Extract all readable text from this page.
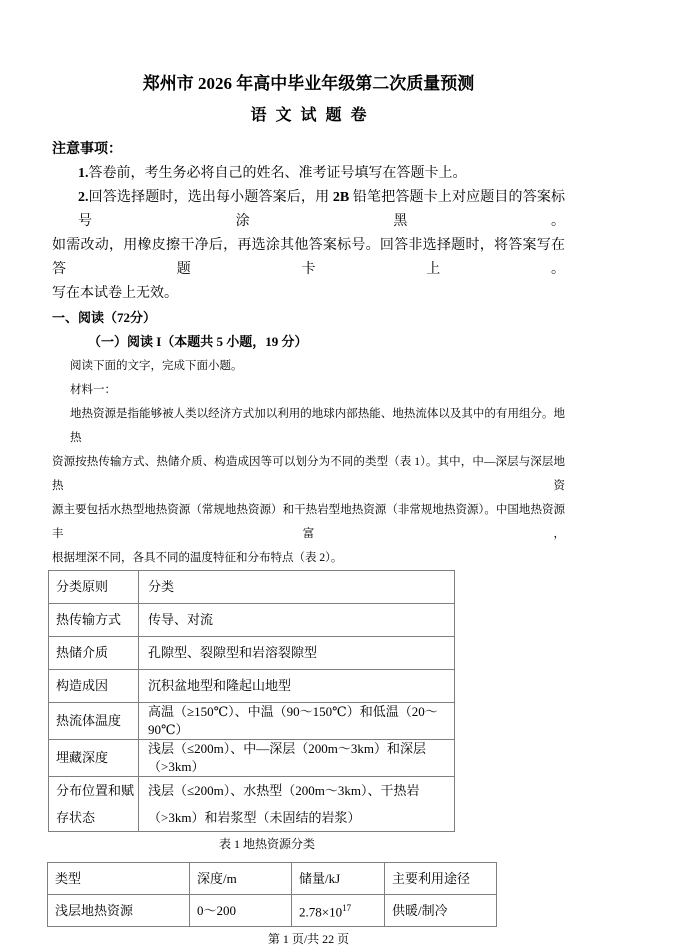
郑州市 2026 年高中毕业年级第二次质量预测
语文试题卷
注意事项：
1.答卷前，考生务必将自己的姓名、准考证号填写在答题卡上。
2.回答选择题时，选出每小题答案后，用 2B 铅笔把答题卡上对应题目的答案标号涂黑。
如需改动，用橡皮擦干净后，再选涂其他答案标号。回答非选择题时，将答案写在答题卡上。
写在本试卷上无效。
一、阅读（72分）
（一）阅读 I（本题共 5 小题，19 分）
阅读下面的文字，完成下面小题。
材料一：
地热资源是指能够被人类以经济方式加以利用的地球内部热能、地热流体以及其中的有用组分。地热
资源按热传输方式、热储介质、构造成因等可以划分为不同的类型（表 1）。其中，中—深层与深层地热资
源主要包括水热型地热资源（常规地热资源）和干热岩型地热资源（非常规地热资源）。中国地热资源丰富，
根据埋深不同，各具不同的温度特征和分布特点（表 2）。
分类原则	分类
热传输方式	传导、对流
热储介质	孔隙型、裂隙型和岩溶裂隙型
构造成因	沉积盆地型和隆起山地型
热流体温度	高温（≥150℃）、中温（90～150℃）和低温（20～90℃）
埋藏深度	浅层（≤200m）、中—深层（200m～3km）和深层（>3km）
分布位置和赋存状态	浅层（≤200m）、水热型（200m～3km）、干热岩（>3km）和岩浆型（未固结的岩浆）
表 1 地热资源分类
类型	深度/m	储量/kJ	主要利用途径
浅层地热资源	0～200	$2.78\times 10^{17}$	供暖/制冷
第 1 页/共 22 页
